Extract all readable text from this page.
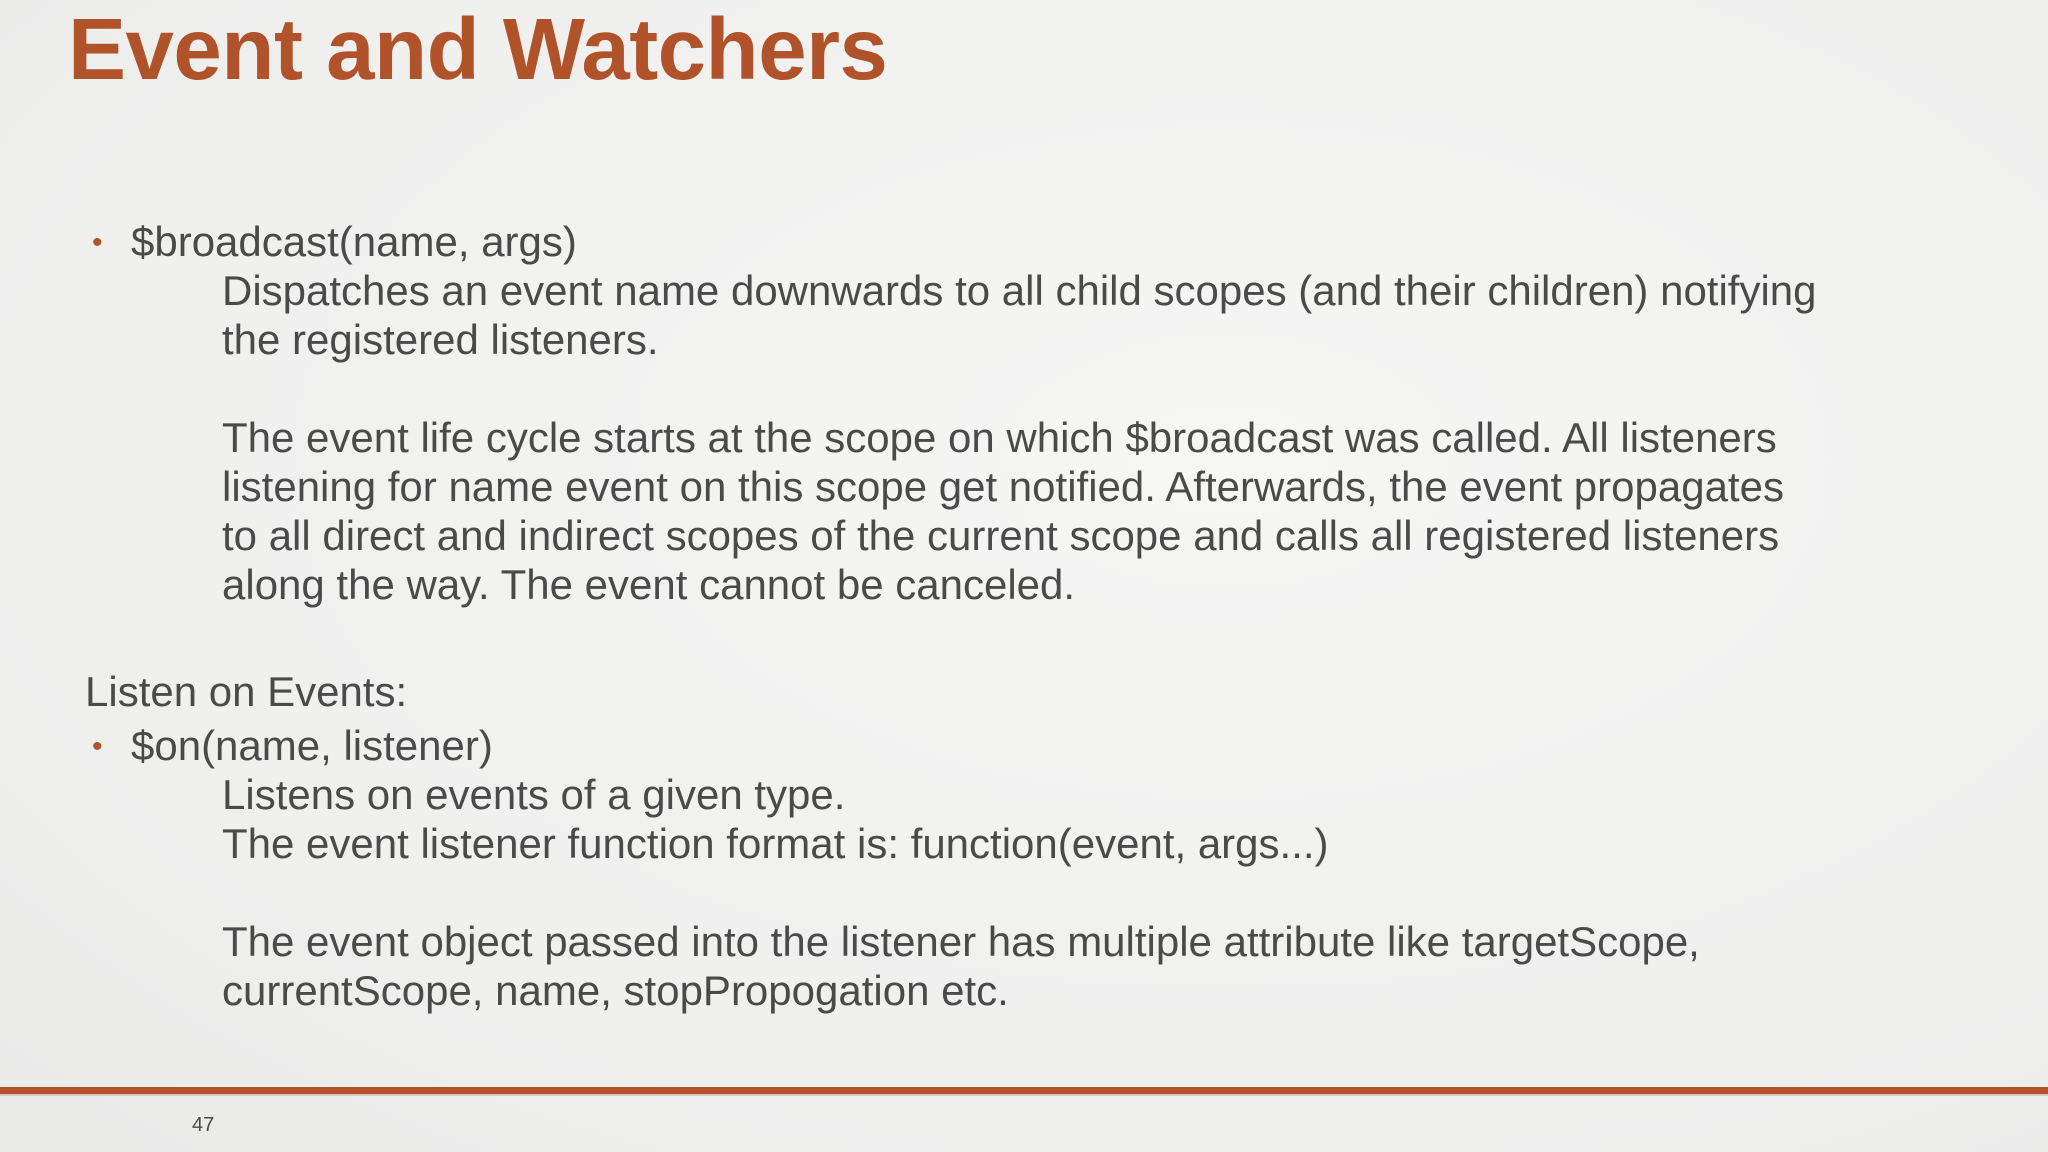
Event and Watchers
• $broadcast(name, args)

Dispatches an event name downwards to all child scopes (and their children) notifying

the registered listeners.

The event life cycle starts at the scope on which $broadcast was called. All listeners

listening for name event on this scope get notified. Afterwards, the event propagates

to all direct and indirect scopes of the current scope and calls all registered listeners

along the way. The event cannot be canceled.

Listen on Events:

• $on(name, listener)

Listens on events of a given type.

The event listener function format is: function(event, args...)

The event object passed into the listener has multiple attribute like targetScope,

currentScope, name, stopPropogation etc.

47
